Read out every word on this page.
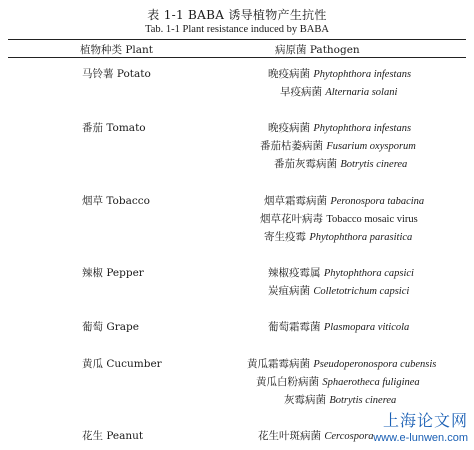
表 1-1 BABA 诱导植物产生抗性
Tab. 1-1 Plant resistance induced by BABA
植物种类 Plant	病原菌 Pathogen
马铃薯 Potato	晚疫病菌 Phytophthora infestans
早疫病菌 Alternaria solani
番茄 Tomato	晚疫病菌 Phytophthora infestans
番茄枯萎病菌 Fusarium oxysporum
番茄灰霉病菌 Botrytis cinerea
烟草 Tobacco	烟草霜霉病菌 Peronospora tabacina
烟草花叶病毒 Tobacco mosaic virus
寄生疫霉 Phytophthora parasitica
辣椒 Pepper	辣椒疫霉属 Phytophthora capsici
炭疽病菌 Colletotrichum capsici
葡萄 Grape	葡萄霜霉菌 Plasmopara viticola
黄瓜 Cucumber	黄瓜霜霉病菌 Pseudoperonospora cubensis
黄瓜白粉病菌 Sphaerotheca fuliginea
灰霉病菌 Botrytis cinerea
花生 Peanut	花生叶斑病菌 Cercospora
上海论文网
www.e-lunwen.com
